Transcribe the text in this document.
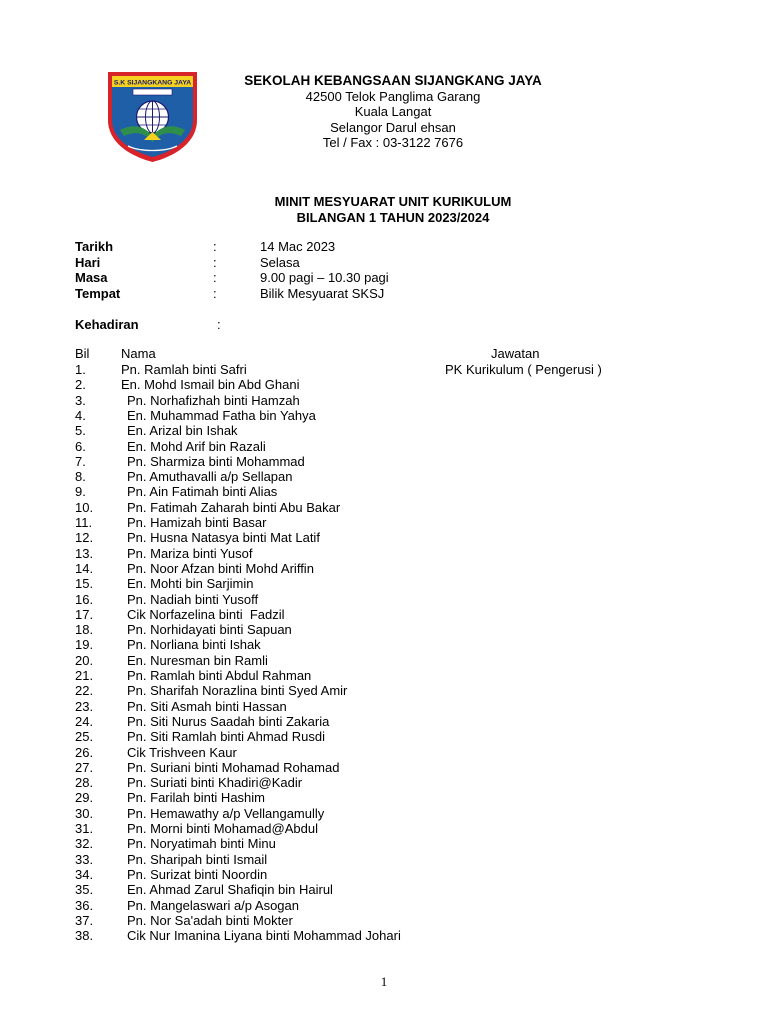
S.K SIJANGKANG JAYA	SEKOLAH KEBANGSAAN SIJANGKANG JAYA
42500 Telok Panglima Garang
Kuala Langat
Selangor Darul ehsan
Tel / Fax : 03-3122 7676
MINIT MESYUARAT UNIT KURIKULUM
BILANGAN 1 TAHUN 2023/2024
Tarikh	:	14 Mac 2023
Hari	:	Selasa
Masa	:	9.00 pagi – 10.30 pagi
Tempat	:	Bilik Mesyuarat SKSJ
Kehadiran	:
Bil Nama	Jawatan
1.	Pn. Ramlah binti Safri	PK Kurikulum ( Pengerusi )
2.	En. Mohd Ismail bin Abd Ghani
3.	Pn. Norhafizhah binti Hamzah
4.	En. Muhammad Fatha bin Yahya
5.	En. Arizal bin Ishak
6.	En. Mohd Arif bin Razali
7.	Pn. Sharmiza binti Mohammad
8.	Pn. Amuthavalli a/p Sellapan
9.	Pn. Ain Fatimah binti Alias
10.	Pn. Fatimah Zaharah binti Abu Bakar
11.	Pn. Hamizah binti Basar
12.	Pn. Husna Natasya binti Mat Latif
13.	Pn. Mariza binti Yusof
14.	Pn. Noor Afzan binti Mohd Ariffin
15.	En. Mohti bin Sarjimin
16.	Pn. Nadiah binti Yusoff
17.	Cik Norfazelina binti  Fadzil
18.	Pn. Norhidayati binti Sapuan
19.	Pn. Norliana binti Ishak
20.	En. Nuresman bin Ramli
21.	Pn. Ramlah binti Abdul Rahman
22.	Pn. Sharifah Norazlina binti Syed Amir
23.	Pn. Siti Asmah binti Hassan
24.	Pn. Siti Nurus Saadah binti Zakaria
25.	Pn. Siti Ramlah binti Ahmad Rusdi
26.	Cik Trishveen Kaur
27.	Pn. Suriani binti Mohamad Rohamad
28.	Pn. Suriati binti Khadiri@Kadir
29.	Pn. Farilah binti Hashim
30.	Pn. Hemawathy a/p Vellangamully
31.	Pn. Morni binti Mohamad@Abdul
32.	Pn. Noryatimah binti Minu
33.	Pn. Sharipah binti Ismail
34.	Pn. Surizat binti Noordin
35.	En. Ahmad Zarul Shafiqin bin Hairul
36.	Pn. Mangelaswari a/p Asogan
37.	Pn. Nor Sa'adah binti Mokter
38.	Cik Nur Imanina Liyana binti Mohammad Johari
1
